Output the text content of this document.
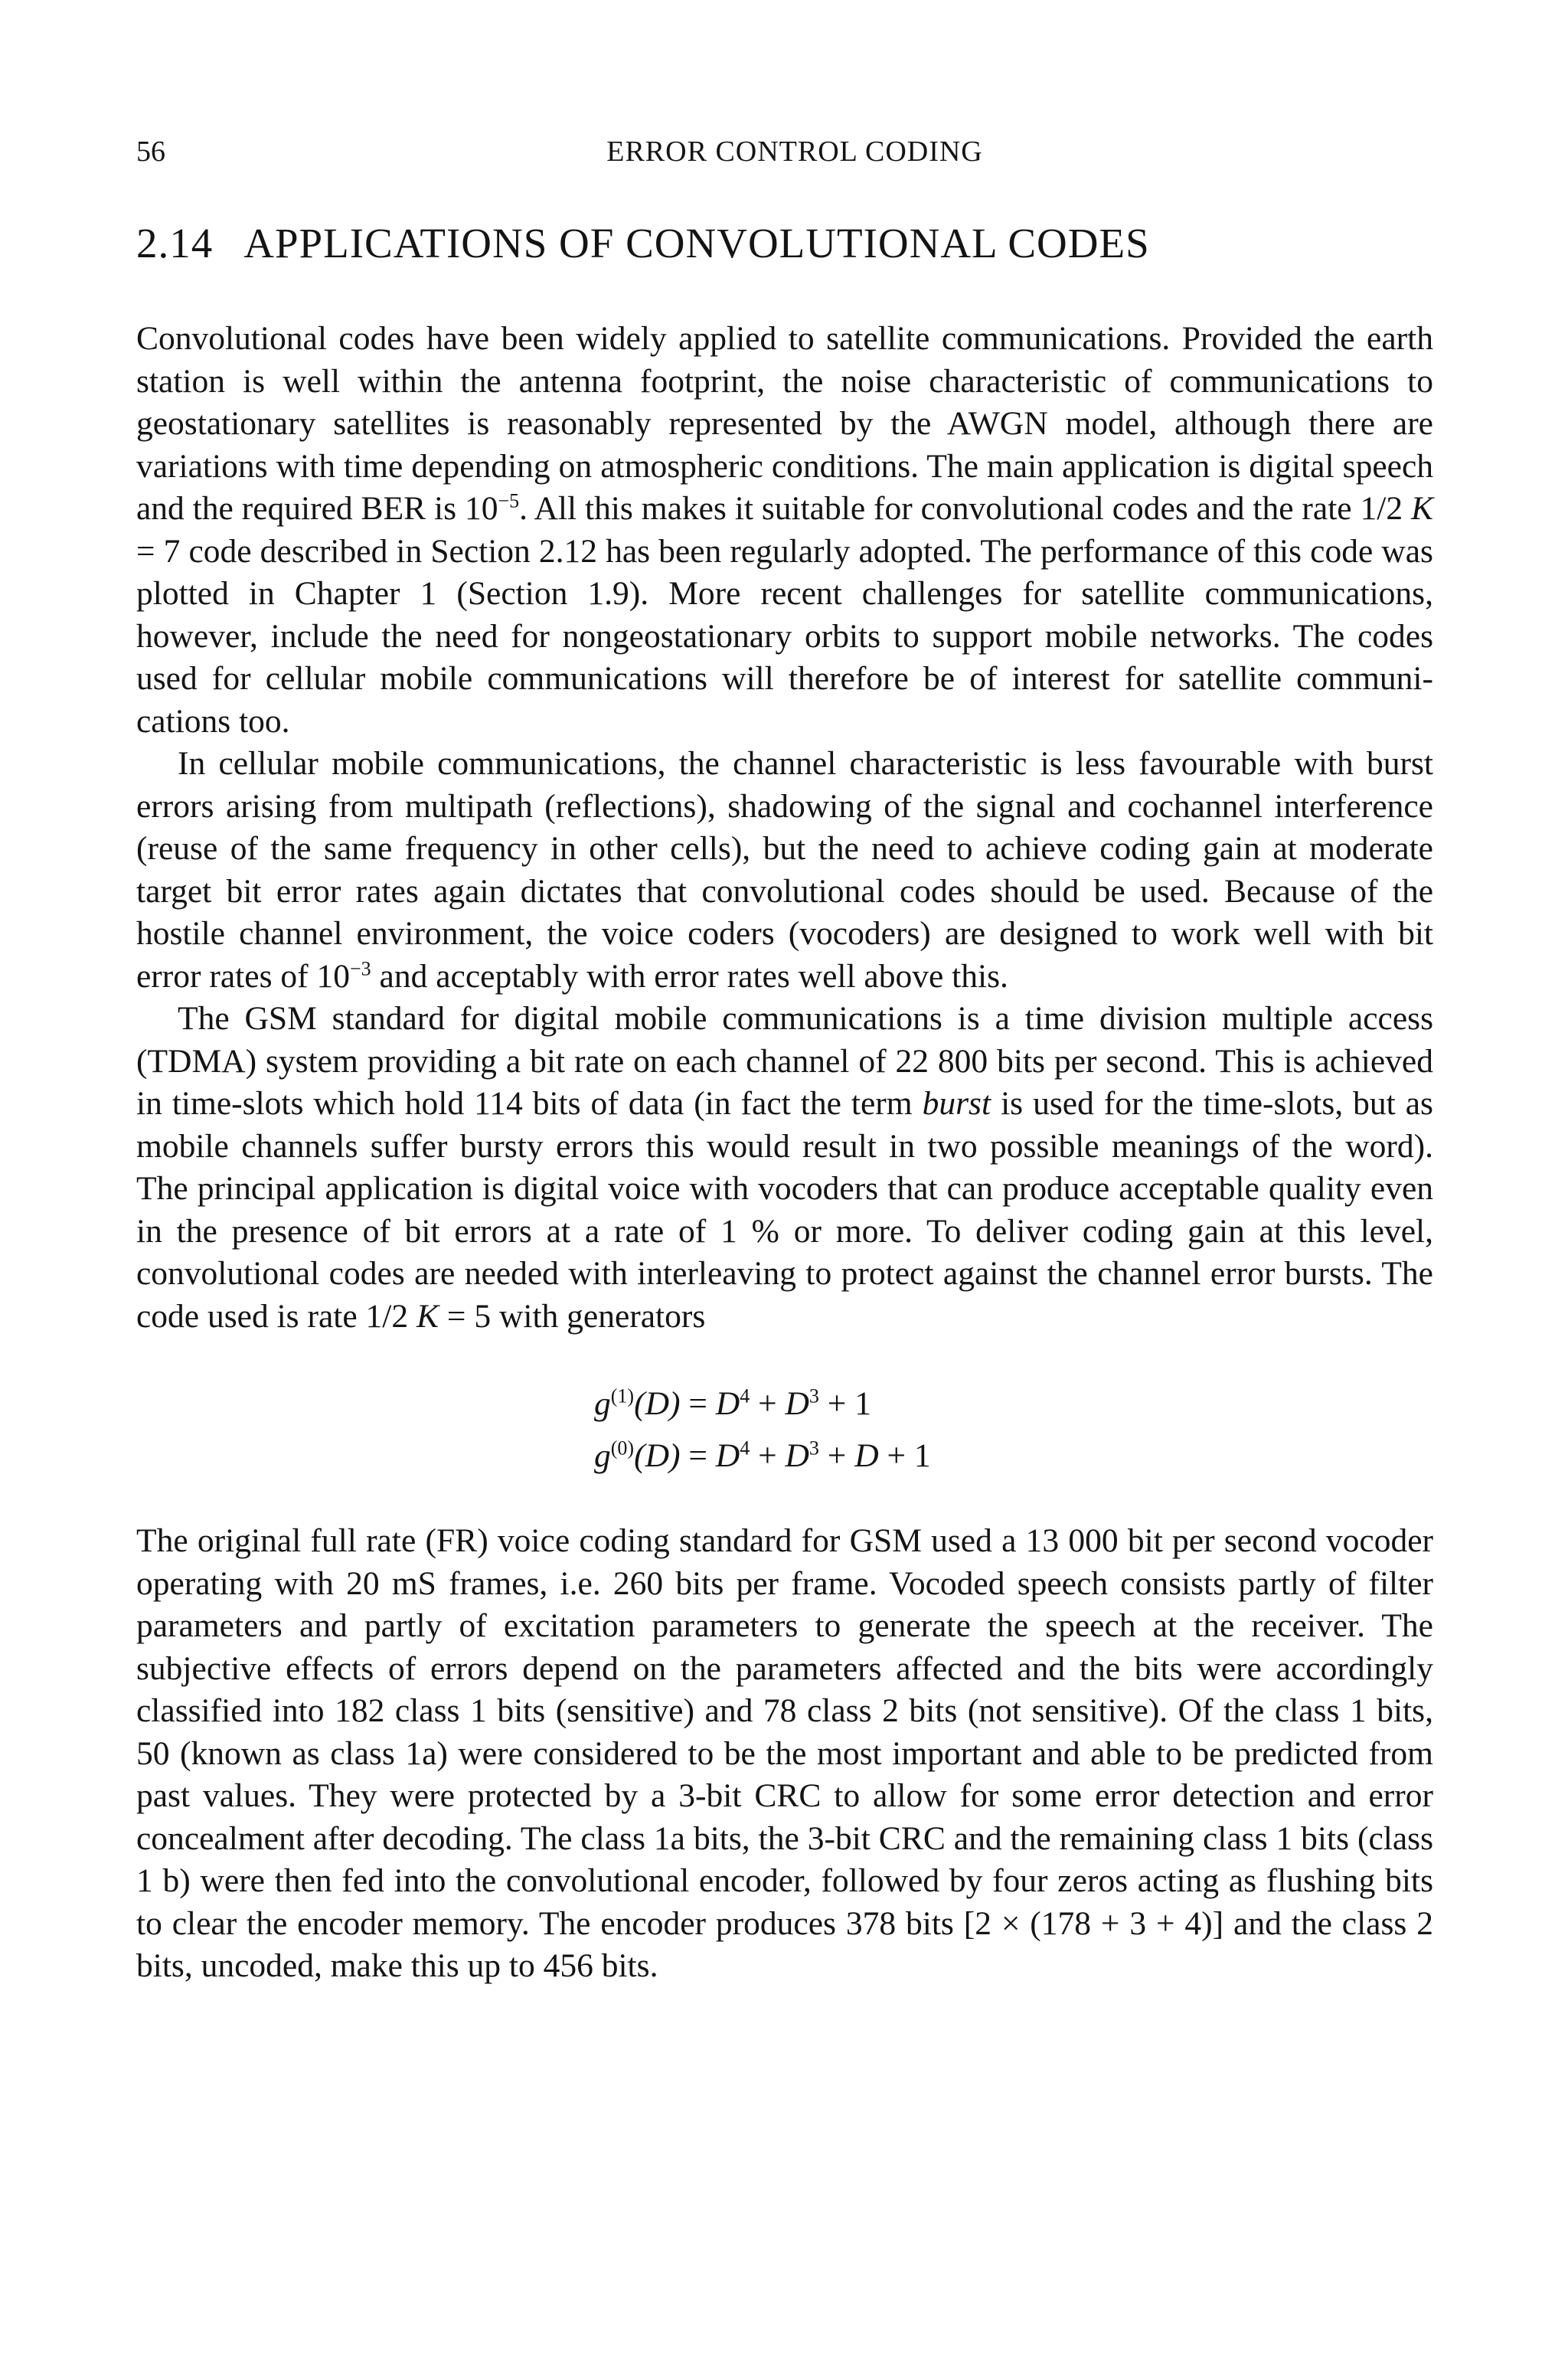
56	ERROR CONTROL CODING
2.14 APPLICATIONS OF CONVOLUTIONAL CODES

Convolutional codes have been widely applied to satellite communications. Provided the earth station is well within the antenna footprint, the noise characteristic of communications to geostationary satellites is reasonably represented by the AWGN model, although there are variations with time depending on atmospheric conditions. The main application is digital speech and the required BER is $10^{-5}$. All this makes it suitable for convolutional codes and the rate 1/2 K = 7 code described in Section 2.12 has been regularly adopted. The performance of this code was plotted in Chapter 1 (Section 1.9). More recent challenges for satellite communications, however, include the need for nongeostationary orbits to support mobile networks. The codes used for cellular mobile communications will therefore be of interest for satellite communications too.

In cellular mobile communications, the channel characteristic is less favourable with burst errors arising from multipath (reflections), shadowing of the signal and cochannel interference (reuse of the same frequency in other cells), but the need to achieve coding gain at moderate target bit error rates again dictates that convolutional codes should be used. Because of the hostile channel environment, the voice coders (vocoders) are designed to work well with bit error rates of $10^{-3}$ and acceptably with error rates well above this.

The GSM standard for digital mobile communications is a time division multiple access (TDMA) system providing a bit rate on each channel of 22 800 bits per second. This is achieved in time-slots which hold 114 bits of data (in fact the term burst is used for the time-slots, but as mobile channels suffer bursty errors this would result in two possible meanings of the word). The principal application is digital voice with vocoders that can produce acceptable quality even in the presence of bit errors at a rate of 1 % or more. To deliver coding gain at this level, convolutional codes are needed with interleaving to protect against the channel error bursts. The code used is rate 1/2 K = 5 with generators

$g^{(1)}(D) = D^4 + D^3 + 1$
$g^{(0)}(D) = D^4 + D^3 + D + 1$

The original full rate (FR) voice coding standard for GSM used a 13 000 bit per second vocoder operating with 20 mS frames, i.e. 260 bits per frame. Vocoded speech consists partly of filter parameters and partly of excitation parameters to generate the speech at the receiver. The subjective effects of errors depend on the parameters affected and the bits were accordingly classified into 182 class 1 bits (sensitive) and 78 class 2 bits (not sensitive). Of the class 1 bits, 50 (known as class 1a) were considered to be the most important and able to be predicted from past values. They were protected by a 3-bit CRC to allow for some error detection and error concealment after decoding. The class 1a bits, the 3-bit CRC and the remaining class 1 bits (class 1 b) were then fed into the convolutional encoder, followed by four zeros acting as flushing bits to clear the encoder memory. The encoder produces 378 bits [2 × (178 + 3 + 4)] and the class 2 bits, uncoded, make this up to 456 bits.
